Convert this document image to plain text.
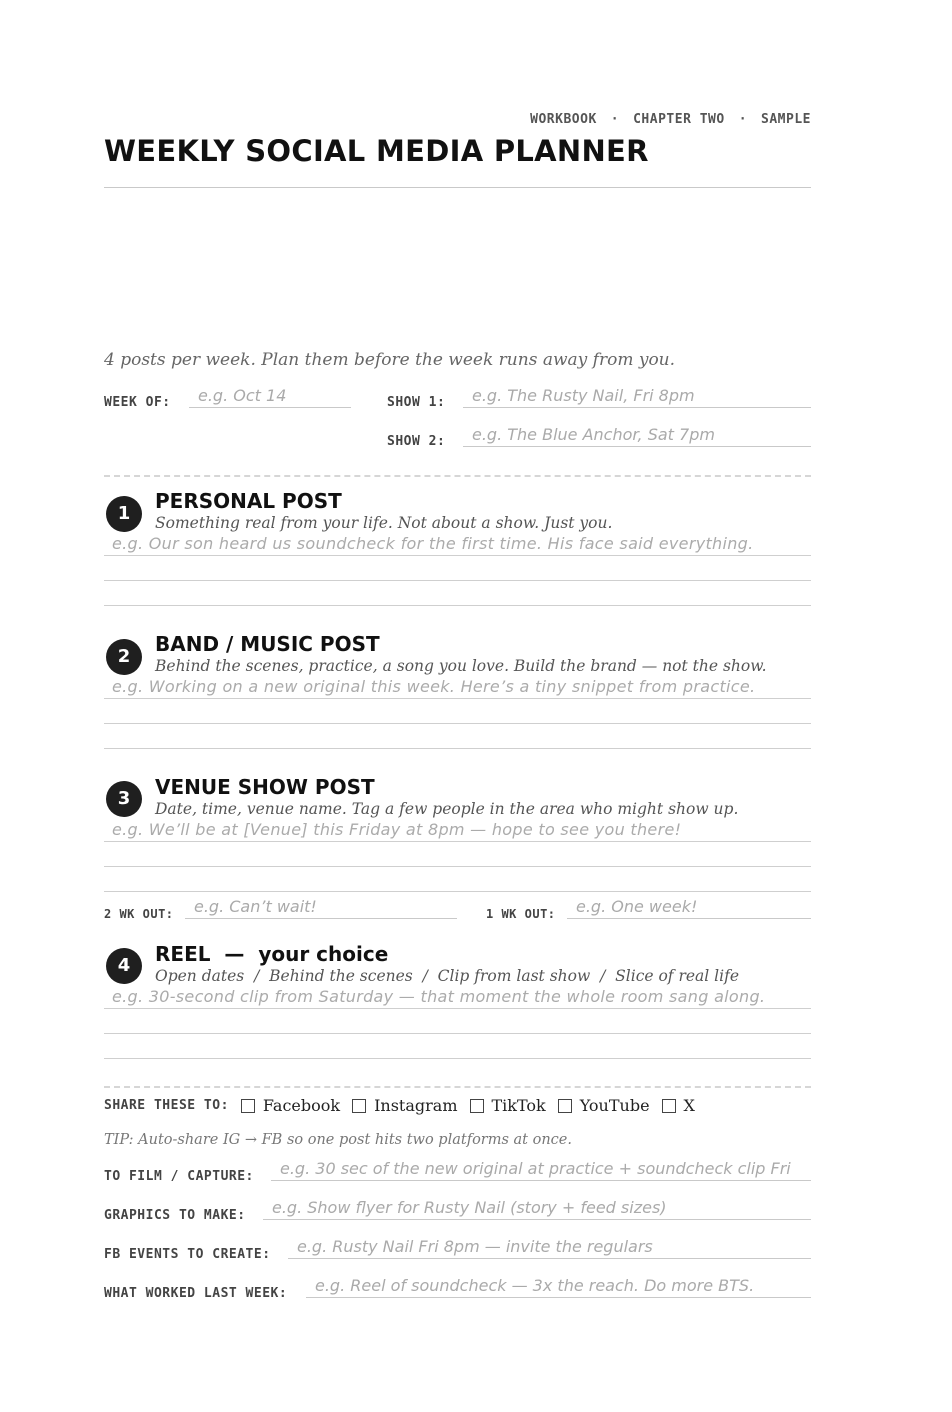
WORKBOOK · CHAPTER TWO · SAMPLE
WEEKLY SOCIAL MEDIA PLANNER
4 posts per week. Plan them before the week runs away from you.
WEEK OF:	e.g. Oct 14	SHOW 1:	e.g. The Rusty Nail, Fri 8pm
SHOW 2:	e.g. The Blue Anchor, Sat 7pm
1
PERSONAL POST
Something real from your life. Not about a show. Just you.
e.g. Our son heard us soundcheck for the first time. His face said everything.
2
BAND / MUSIC POST
Behind the scenes, practice, a song you love. Build the brand — not the show.
e.g. Working on a new original this week. Here’s a tiny snippet from practice.
3	VENUE SHOW POST
Date, time, venue name. Tag a few people in the area who might show up.
e.g. We’ll be at [Venue] this Friday at 8pm — hope to see you there!
2 WK OUT:	e.g. Can’t wait!	1 WK OUT:	e.g. One week!
4	REEL  —  your choice
Open dates  /  Behind the scenes  /  Clip from last show  /  Slice of real life
e.g. 30-second clip from Saturday — that moment the whole room sang along.
SHARE THESE TO: Facebook Instagram TikTok YouTube X
TIP: Auto-share IG → FB so one post hits two platforms at once.
TO FILM / CAPTURE:	e.g. 30 sec of the new original at practice + soundcheck clip Fri
GRAPHICS TO MAKE:	e.g. Show flyer for Rusty Nail (story + feed sizes)
FB EVENTS TO CREATE:	e.g. Rusty Nail Fri 8pm — invite the regulars
WHAT WORKED LAST WEEK:	e.g. Reel of soundcheck — 3x the reach. Do more BTS.
